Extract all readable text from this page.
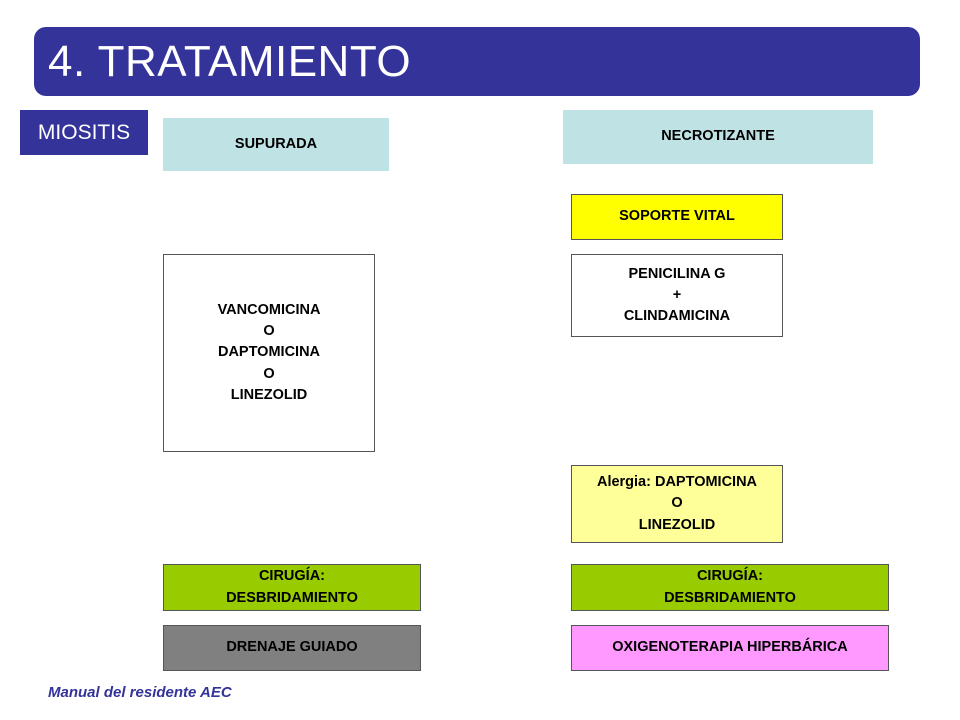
4. TRATAMIENTO
MIOSITIS
SUPURADA
VANCOMICINA
O
DAPTOMICINA
O
LINEZOLID
CIRUGÍA:
DESBRIDAMIENTO
DRENAJE GUIADO
NECROTIZANTE
SOPORTE VITAL
PENICILINA G
+
CLINDAMICINA
Alergia: DAPTOMICINA
O
LINEZOLID
CIRUGÍA:
DESBRIDAMIENTO
OXIGENOTERAPIA HIPERBÁRICA
Manual del residente AEC
